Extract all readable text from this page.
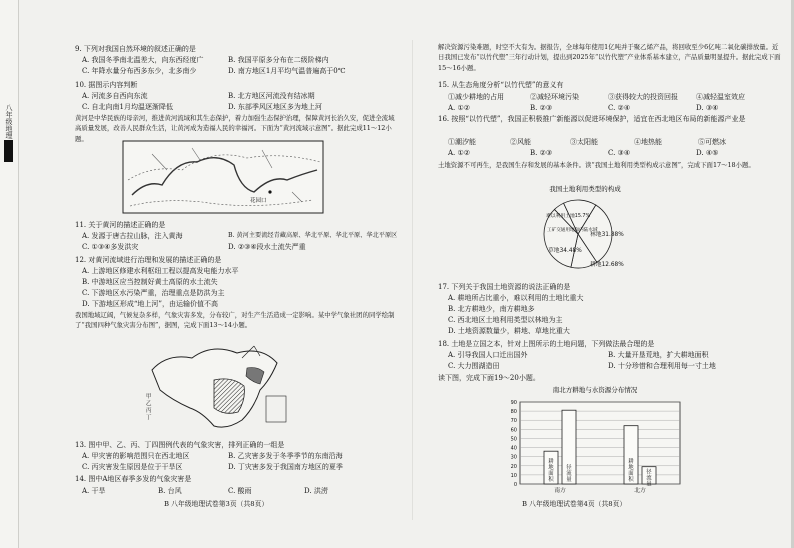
八年级地理
9. 下列对我国自然环境的叙述正确的是
A. 我国冬季南北温差大，向东西经度广	B. 我国平原多分布在二级阶梯内
C. 年降水量分布西多东少，北多南少	D. 南方地区1月平均气温普遍高于0℃
10. 据图示内容判断
A. 河流多自西向东流	B. 北方地区河流没有结冰期
C. 自北向南1月均温逐渐降低	D. 东部季风区地区多为地上河
黄河是中华民族的母亲河，推进黄河流域和其生态保护，着力加强生态保护治理，保障黄河长治久安，促进全流域高质量发展，改善人民群众生活，让黄河成为造福人民的幸福河。下面为“黄河流域示意图”。据此完成11～12小题。
花园口
11. 关于黄河的描述正确的是
A. 发源于唐古拉山脉，注入黄海	B. 黄河主要流经青藏高原、华北平原、华北平原、华北平原区
C. ①③④多发洪灾	D. ②③④段水土流失严重
12. 对黄河流域进行治理和发展的描述正确的是
A. 上游地区修建水利枢纽工程以提高发电能力水平
B. 中游地区应当控制好黄土高原的水土流失
C. 下游地区水污染严重，治理重点是防洪为主
D. 下游地区形成“地上河”，由运输价值不高
我国地域辽阔，气候复杂多样，气象灾害多发，分布较广，对生产生活造成一定影响。某中学气象社团的同学绘制了“我国四种气象灾害分布图”，据图，完成下面13～14小题。
甲
乙
丙
丁
13. 图中甲、乙、丙、丁四图例代表的气象灾害，排列正确的一组是
A. 甲灾害的影响范围只在西北地区	B. 乙灾害多发于冬季季节的东南沿海
C. 丙灾害发生原因是位于干旱区	D. 丁灾害多发于我国南方地区的夏季
14. 图中A地区春季多发的气象灾害是
A. 干旱	B. 台风	C. 酸雨	D. 洪涝
B 八年级地理试卷第3页（共8页）
解决资源污染难题，时空不大有为。据报告，全球每年使用1亿吨并于聚乙烯产品，将回收至少6亿吨二氧化碳排放量。近日我国已发布“以竹代塑”三年行动计划，提出到2025年“以竹代塑”产业体系基本建立，产品质量明显提升。据此完成下面15～16小题。
15. 从生态角度分析“以竹代塑”的意义有
①减少耕地的占用	②减轻环境污染	③获得较大的投资回报	④减轻温室效应
A. ①②	B. ②③	C. ②④	D. ③④
16. 按照“以竹代塑”，我国正积极推广新能源以促进环境保护，适宜在西北地区布局的新能源产业是
①潮汐能	②风能	③太阳能	④地热能	⑤可燃冰
A. ①②	B. ②③	C. ③④	D. ④⑤
土地资源不可再生，是我国生存和发展的基本条件。读“我国土地利用类型构成示意图”，完成下面17～18小题。
我国土地利用类型的构成
林地31.88%
耕地12.68%
草地34.48%
工矿交通用地和内陆水域
难以利用土地15.7%
17. 下列关于我国土地资源的说法正确的是
A. 耕地所占比重小，难以利用的土地比重大
B. 北方耕地少，南方耕地多
C. 西北地区土地利用类型以林地为主
D. 土地资源数量少，耕地、草地比重大
18. 土地是立国之本，针对上图所示的土地问题，下列做法最合理的是
A. 引导我国人口迁出国外	B. 大量开垦荒地，扩大耕地面积
C. 大力围湖造田	D. 十分珍惜和合理利用每一寸土地
读下图，完成下面19～20小题。
南北方耕地与水资源分布情况
0
10
20
30
40
50
60
70
80
90
南方	北方
耕地面积
径流量
耕地面积
径流量
B 八年级地理试卷第4页（共8页）
